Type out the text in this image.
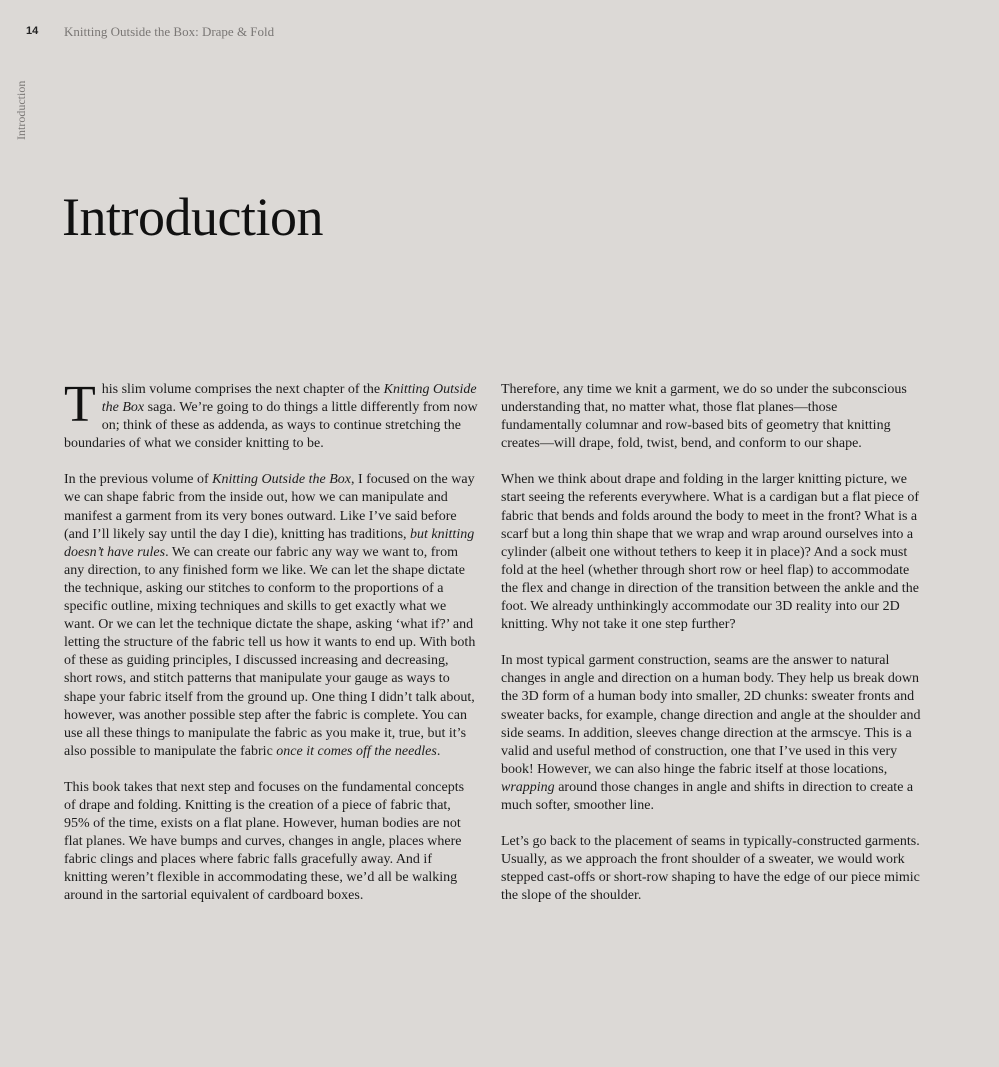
14 Knitting Outside the Box: Drape & Fold
Introduction
Introduction

This slim volume comprises the next chapter of the Knitting Outside the Box saga. We’re going to do things a little differently from now on; think of these as addenda, as ways to continue stretching the boundaries of what we consider knitting to be.

In the previous volume of Knitting Outside the Box, I focused on the way we can shape fabric from the inside out, how we can manipulate and manifest a garment from its very bones outward. Like I’ve said before (and I’ll likely say until the day I die), knitting has traditions, but knitting doesn’t have rules. We can create our fabric any way we want to, from any direction, to any finished form we like. We can let the shape dictate the technique, asking our stitches to conform to the proportions of a specific outline, mixing techniques and skills to get exactly what we want. Or we can let the technique dictate the shape, asking ‘what if?’ and letting the structure of the fabric tell us how it wants to end up. With both of these as guiding principles, I discussed increasing and decreasing, short rows, and stitch patterns that manipulate your gauge as ways to shape your fabric itself from the ground up. One thing I didn’t talk about, however, was another possible step after the fabric is complete. You can use all these things to manipulate the fabric as you make it, true, but it’s also possible to manipulate the fabric once it comes off the needles.

This book takes that next step and focuses on the fundamental concepts of drape and folding. Knitting is the creation of a piece of fabric that, 95% of the time, exists on a flat plane. However, human bodies are not flat planes. We have bumps and curves, changes in angle, places where fabric clings and places where fabric falls gracefully away. And if knitting weren’t flexible in accommodating these, we’d all be walking around in the sartorial equivalent of cardboard boxes.

Therefore, any time we knit a garment, we do so under the subconscious understanding that, no matter what, those flat planes—those fundamentally columnar and row-based bits of geometry that knitting creates—will drape, fold, twist, bend, and conform to our shape.

When we think about drape and folding in the larger knitting picture, we start seeing the referents everywhere. What is a cardigan but a flat piece of fabric that bends and folds around the body to meet in the front? What is a scarf but a long thin shape that we wrap and wrap around ourselves into a cylinder (albeit one without tethers to keep it in place)? And a sock must fold at the heel (whether through short row or heel flap) to accommodate the flex and change in direction of the transition between the ankle and the foot. We already unthinkingly accommodate our 3D reality into our 2D knitting. Why not take it one step further?

In most typical garment construction, seams are the answer to natural changes in angle and direction on a human body. They help us break down the 3D form of a human body into smaller, 2D chunks: sweater fronts and sweater backs, for example, change direction and angle at the shoulder and side seams. In addition, sleeves change direction at the armscye. This is a valid and useful method of construction, one that I’ve used in this very book! However, we can also hinge the fabric itself at those locations, wrapping around those changes in angle and shifts in direction to create a much softer, smoother line.

Let’s go back to the placement of seams in typically-constructed garments. Usually, as we approach the front shoulder of a sweater, we would work stepped cast-offs or short-row shaping to have the edge of our piece mimic the slope of the shoulder.
